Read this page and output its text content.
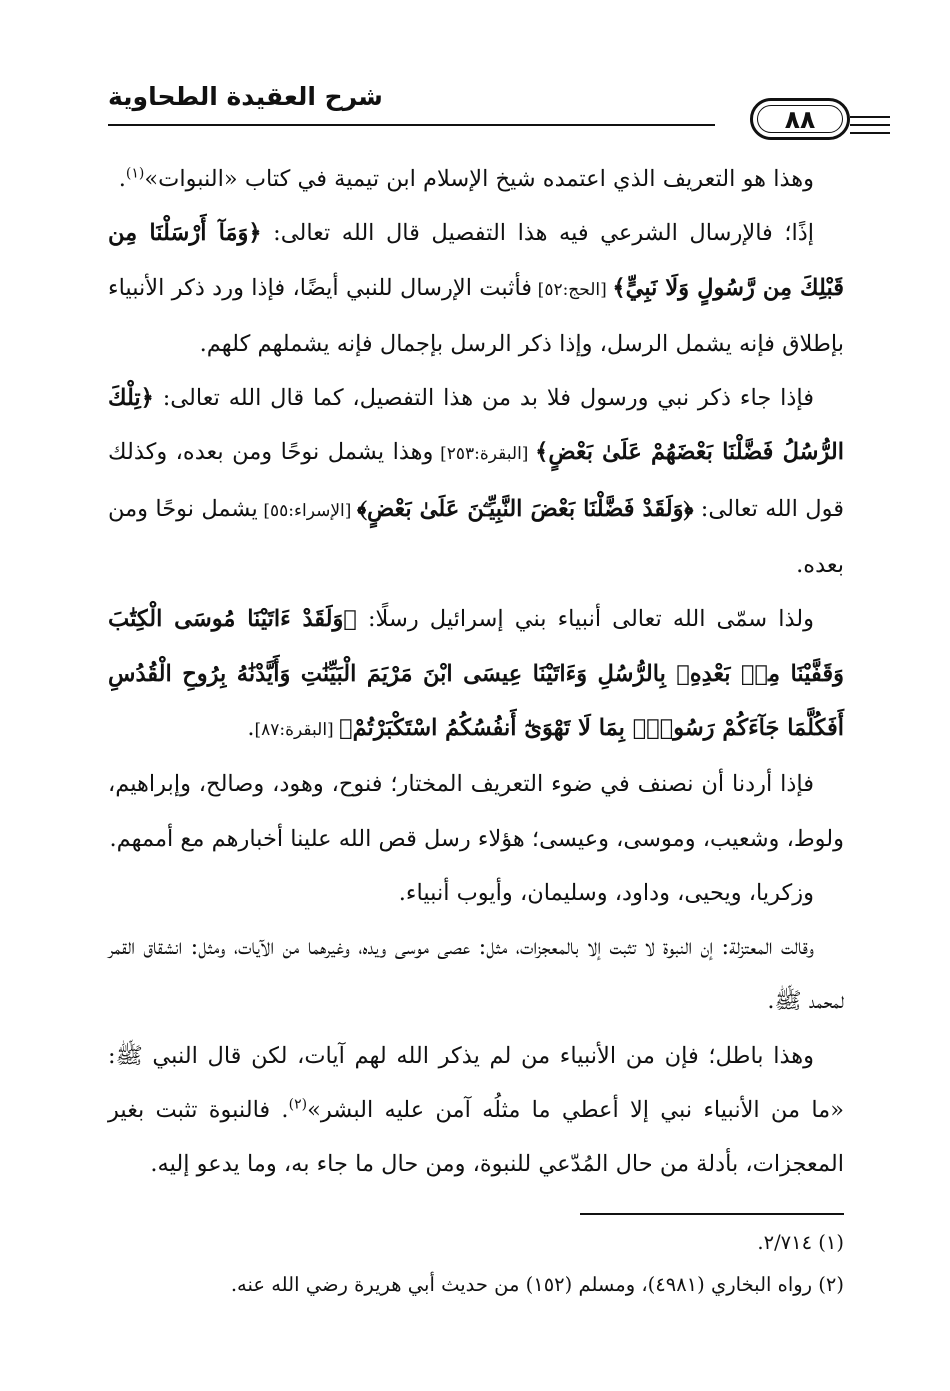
شرح العقيدة الطحاوية
٨٨

وهذا هو التعريف الذي اعتمده شيخ الإسلام ابن تيمية في كتاب «النبوات»$^{(١)}$.

إذًا؛ فالإرسال الشرعي فيه هذا التفصيل قال الله تعالى: ﴿وَمَآ أَرْسَلْنَا مِن قَبْلِكَ مِن رَّسُولٍ وَلَا نَبِيٍّ﴾ [الحج:٥٢] فأثبت الإرسال للنبي أيضًا، فإذا ورد ذكر الأنبياء بإطلاق فإنه يشمل الرسل، وإذا ذكر الرسل بإجمال فإنه يشملهم كلهم.

فإذا جاء ذكر نبي ورسول فلا بد من هذا التفصيل، كما قال الله تعالى: ﴿تِلْكَ الرُّسُلُ فَضَّلْنَا بَعْضَهُمْ عَلَىٰ بَعْضٍ﴾ [البقرة:٢٥٣] وهذا يشمل نوحًا ومن بعده، وكذلك قول الله تعالى: ﴿وَلَقَدْ فَضَّلْنَا بَعْضَ النَّبِيِّـۧنَ عَلَىٰ بَعْضٍ﴾ [الإسراء:٥٥] يشمل نوحًا ومن بعده.

ولذا سمّى الله تعالى أنبياء بني إسرائيل رسلًا: ﴿وَلَقَدْ ءَاتَيْنَا مُوسَى الْكِتَٰبَ وَقَفَّيْنَا مِنۢ بَعْدِهِۦ بِالرُّسُلِ وَءَاتَيْنَا عِيسَى ابْنَ مَرْيَمَ الْبَيِّنَٰتِ وَأَيَّدْنَٰهُ بِرُوحِ الْقُدُسِ أَفَكُلَّمَا جَآءَكُمْ رَسُولٌۢ بِمَا لَا تَهْوَىٰٓ أَنفُسُكُمُ اسْتَكْبَرْتُمْ﴾ [البقرة:٨٧].

فإذا أردنا أن نصنف في ضوء التعريف المختار؛ فنوح، وهود، وصالح، وإبراهيم، ولوط، وشعيب، وموسى، وعيسى؛ هؤلاء رسل قص الله علينا أخبارهم مع أممهم.

وزكريا، ويحيى، وداود، وسليمان، وأيوب أنبياء.

وقالت المعتزلة: إن النبوة لا تثبت إلا بالمعجزات، مثل: عصى موسى ويده، وغيرهما من الآيات، ومثل: انشقاق القمر لمحمد ﷺ.

وهذا باطل؛ فإن من الأنبياء من لم يذكر الله لهم آيات، لكن قال النبي ﷺ: «ما من الأنبياء نبي إلا أعطي ما مثلُه آمن عليه البشر»$^{(٢)}$. فالنبوة تثبت بغير المعجزات، بأدلة من حال المُدّعي للنبوة، ومن حال ما جاء به، وما يدعو إليه.

(١) ٢/٧١٤.

(٢) رواه البخاري (٤٩٨١)، ومسلم (١٥٢) من حديث أبي هريرة رضي الله عنه.
